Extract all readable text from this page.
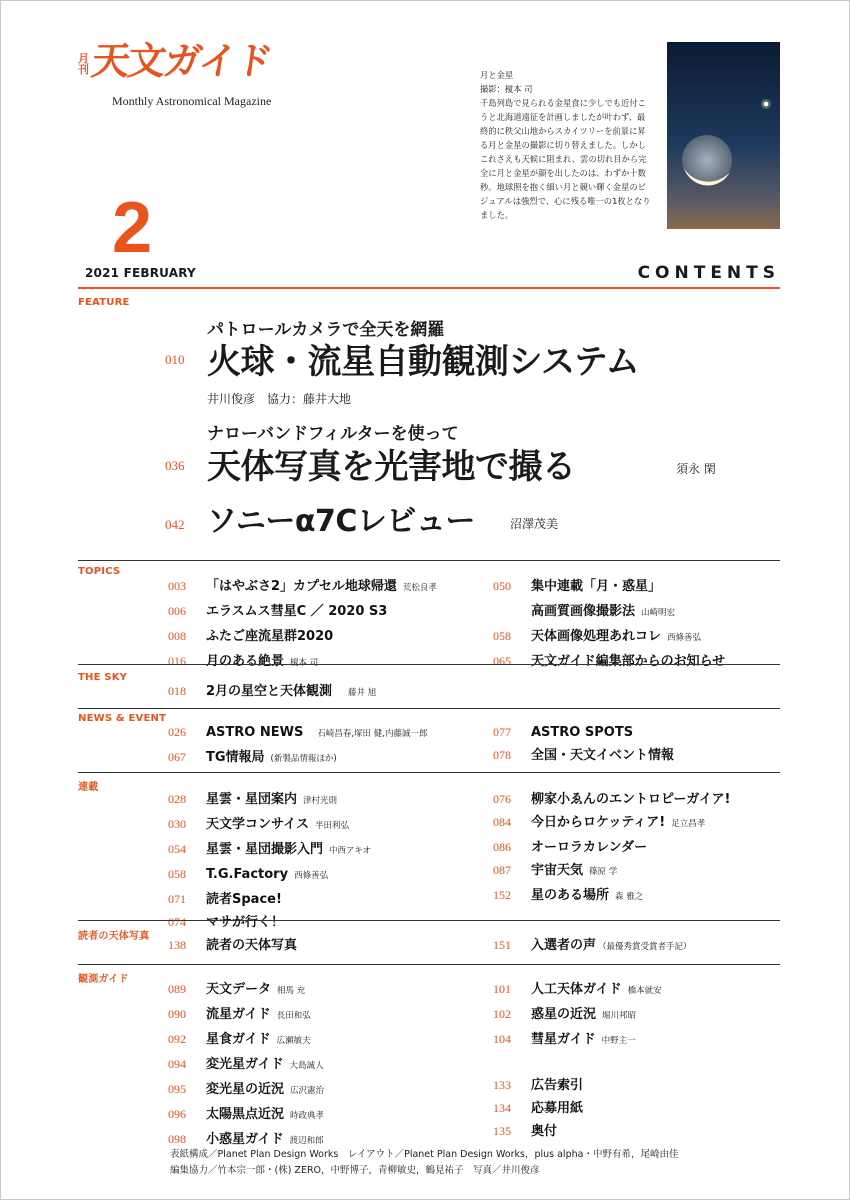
月刊 天文ガイド
Monthly Astronomical Magazine
2
2021 FEBRUARY	CONTENTS
月と金星
撮影：榎本 司
千島列島で見られる金星食に少しでも近付こうと北海道遠征を計画しましたが叶わず、最終的に秩父山地からスカイツリーを前景に昇る月と金星の撮影に切り替えました。しかしこれさえも天候に阻まれ、雲の切れ目から完全に月と金星が顔を出したのは、わずか十数秒。地球照を抱く細い月と競い輝く金星のビジュアルは強烈で、心に残る唯一の1枚となりました。
FEATURE
パトロールカメラで全天を網羅
010 火球・流星自動観測システム
井川俊彦　協力：藤井大地
ナローバンドフィルターを使って
036 天体写真を光害地で撮る	須永 閑
042 ソニーα7Cレビュー	沼澤茂美
TOPICS
003 「はやぶさ2」カプセル地球帰還 荒松良孝
006 エラスムス彗星C ／ 2020 S3
008 ふたご座流星群2020
016 月のある絶景 榎本 司
050 集中連載「月・惑星」
高画質画像撮影法 山崎明宏
058 天体画像処理あれコレ 西條善弘
065 天文ガイド編集部からのお知らせ
THE SKY
018 2月の星空と天体観測 藤井 旭
NEWS & EVENT
026 ASTRO NEWS 石崎昌春,塚田 健,内藤誠一郎
067 TG情報局 (新製品情報ほか)
077 ASTRO SPOTS
078 全国・天文イベント情報
連載
028 星雲・星団案内 津村光則
030 天文学コンサイス 半田利弘
054 星雲・星団撮影入門 中西アキオ
058 T.G.Factory 西條善弘
071 読者Space!
074 マサが行く！
076 柳家小ゑんのエントロピーガイア!
084 今日からロケッティア! 足立昌孝
086 オーロラカレンダー
087 宇宙天気 篠原 学
152 星のある場所 森 雅之
読者の天体写真
138 読者の天体写真	151 入選者の声 （最優秀賞受賞者手記）
観測ガイド
089 天文データ 相馬 充
090 流星ガイド 長田和弘
092 星食ガイド 広瀬敏夫
094 変光星ガイド 大島誠人
095 変光星の近況 広沢憲治
096 太陽黒点近況 時政典孝
098 小惑星ガイド 渡辺和郎
101 人工天体ガイド 橋本就安
102 惑星の近況 堀川邦昭
104 彗星ガイド 中野主一
133 広告索引
134 応募用紙
135 奥付
表紙構成／Planet Plan Design Works　レイアウト／Planet Plan Design Works，plus alpha・中野有希，尾崎由佳
編集協力／竹本宗一郎・(株) ZERO，中野博子，青柳敏史，鶴見祐子　写真／井川俊彦
